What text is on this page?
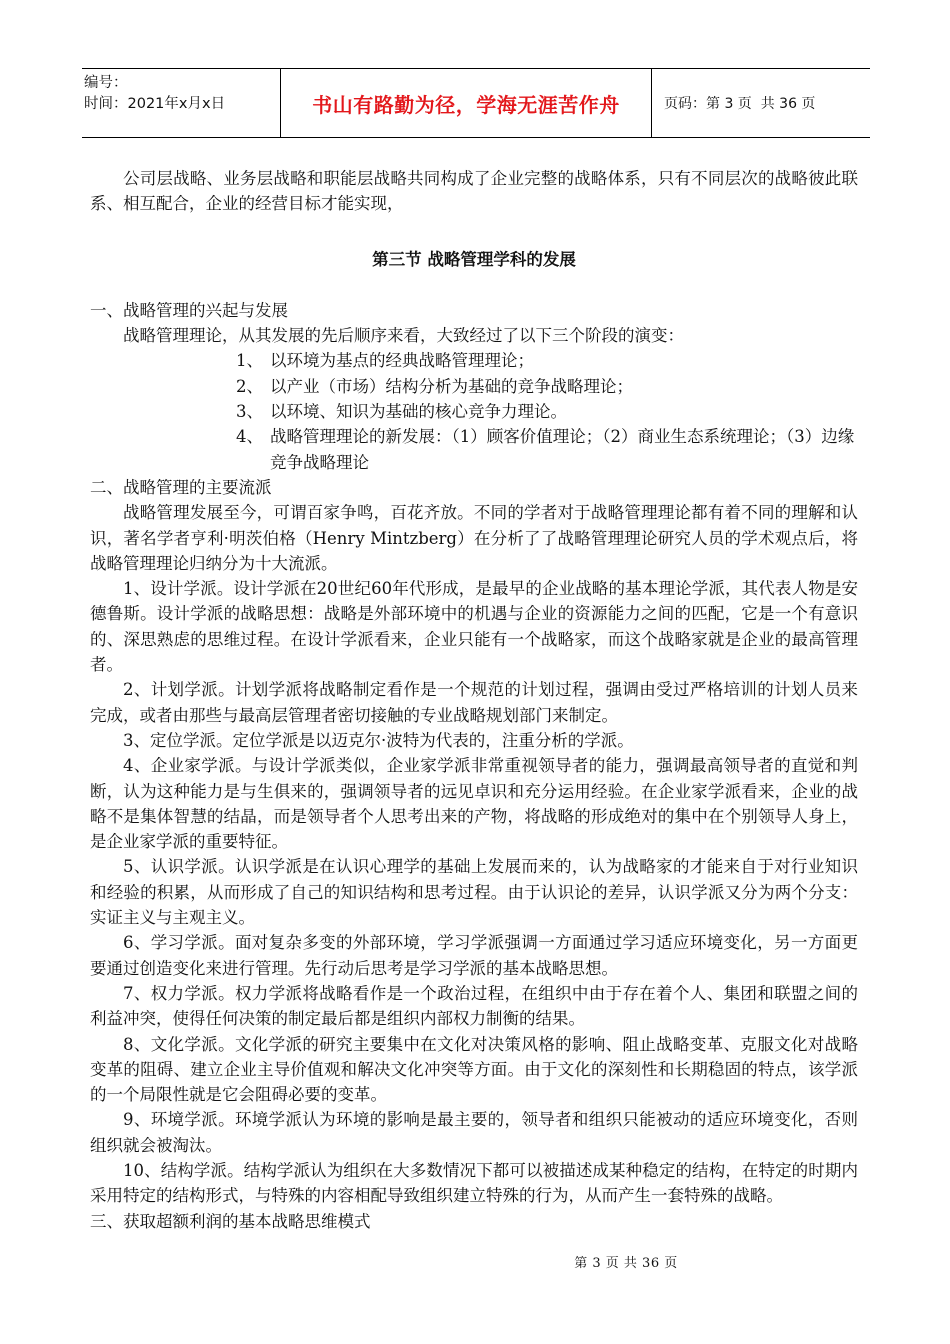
编号：
时间：2021年x月x日	书山有路勤为径，学海无涯苦作舟	页码：第 3 页  共 36 页

公司层战略、业务层战略和职能层战略共同构成了企业完整的战略体系，只有不同层次的战略彼此联系、相互配合，企业的经营目标才能实现，

第三节 战略管理学科的发展

一、战略管理的兴起与发展

战略管理理论，从其发展的先后顺序来看，大致经过了以下三个阶段的演变：

1、 以环境为基点的经典战略管理理论；
2、 以产业（市场）结构分析为基础的竞争战略理论；
3、 以环境、知识为基础的核心竞争力理论。
4、 战略管理理论的新发展：（1）顾客价值理论；（2）商业生态系统理论；（3）边缘竞争战略理论

二、战略管理的主要流派

战略管理发展至今，可谓百家争鸣，百花齐放。不同的学者对于战略管理理论都有着不同的理解和认识，著名学者亨利·明茨伯格（Henry Mintzberg）在分析了了战略管理理论研究人员的学术观点后，将战略管理理论归纳分为十大流派。

1、设计学派。设计学派在20世纪60年代形成，是最早的企业战略的基本理论学派，其代表人物是安德鲁斯。设计学派的战略思想：战略是外部环境中的机遇与企业的资源能力之间的匹配，它是一个有意识的、深思熟虑的思维过程。在设计学派看来，企业只能有一个战略家，而这个战略家就是企业的最高管理者。

2、计划学派。计划学派将战略制定看作是一个规范的计划过程，强调由受过严格培训的计划人员来完成，或者由那些与最高层管理者密切接触的专业战略规划部门来制定。

3、定位学派。定位学派是以迈克尔·波特为代表的，注重分析的学派。

4、企业家学派。与设计学派类似，企业家学派非常重视领导者的能力，强调最高领导者的直觉和判断，认为这种能力是与生俱来的，强调领导者的远见卓识和充分运用经验。在企业家学派看来，企业的战略不是集体智慧的结晶，而是领导者个人思考出来的产物，将战略的形成绝对的集中在个别领导人身上，是企业家学派的重要特征。

5、认识学派。认识学派是在认识心理学的基础上发展而来的，认为战略家的才能来自于对行业知识和经验的积累，从而形成了自己的知识结构和思考过程。由于认识论的差异，认识学派又分为两个分支：实证主义与主观主义。

6、学习学派。面对复杂多变的外部环境，学习学派强调一方面通过学习适应环境变化，另一方面更要通过创造变化来进行管理。先行动后思考是学习学派的基本战略思想。

7、权力学派。权力学派将战略看作是一个政治过程，在组织中由于存在着个人、集团和联盟之间的利益冲突，使得任何决策的制定最后都是组织内部权力制衡的结果。

8、文化学派。文化学派的研究主要集中在文化对决策风格的影响、阻止战略变革、克服文化对战略变革的阻碍、建立企业主导价值观和解决文化冲突等方面。由于文化的深刻性和长期稳固的特点，该学派的一个局限性就是它会阻碍必要的变革。

9、环境学派。环境学派认为环境的影响是最主要的，领导者和组织只能被动的适应环境变化，否则组织就会被淘汰。

10、结构学派。结构学派认为组织在大多数情况下都可以被描述成某种稳定的结构，在特定的时期内采用特定的结构形式，与特殊的内容相配导致组织建立特殊的行为，从而产生一套特殊的战略。

三、获取超额利润的基本战略思维模式

第 3 页 共 36 页
